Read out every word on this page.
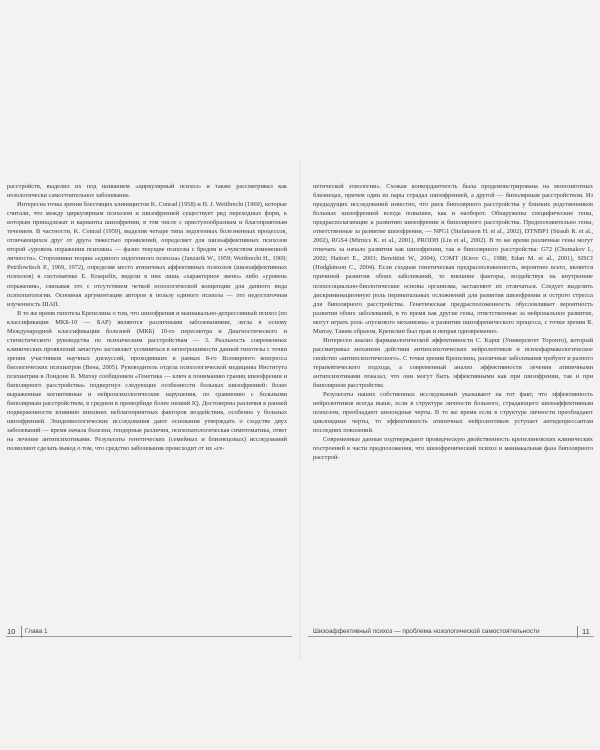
расстройств, выделил их под названием «циркулярный психоз» и также рассматривал как нозологически самостоятельное заболевание.

Интересна точка зрения блестящих клиницистов K. Conrad (1958) и H. J. Weitbrecht (1969), которые считали, что между циркулярным психозом и шизофренией существует ряд переходных форм, к которым принадлежат и варианты шизофрении, в том числе с приступообразным и благоприятным течением. В частности, K. Conrad (1959), выделив четыре типа эндогенных болезненных процессов, отличающихся друг от друга тяжестью проявлений, определяет для шизоаффективных психозов второй «уровень поражения психики» — фазно текущие психозы с бредом и «чувством измененной личности». Сторонники теории «единого эндогенного психоза» (Janzarik W., 1959; Weitbrecht H., 1969; Petrilowitsch P., 1969, 1972), определяя место атипичных аффективных психозов (шизоаффективных психозов) в систематике E. Kraepelin, видели в них лишь «характерное звено» либо «уровень поражения», связывая это с отсутствием четкой нозологической концепции для данного вида психопатологии. Основная аргументация авторов в пользу единого психоза — это недостаточная изученность ШАП.

В то же время гипотеза Крепелина о том, что шизофрения и маниакально-депрессивный психоз (по классификации МКБ-10 — БАР) являются различными заболеваниями, легла в основу Международной классификации болезней (МКБ) 10-го пересмотра и Диагностического и статистического руководства по психическим расстройствам — 3. Реальность современных клинических проявлений зачастую заставляет усомниться в непогрешимости данной гипотезы с точки зрения участников научных дискуссий, проходивших в рамках 8-го Всемирного конгресса биологических психиатров (Вена, 2005). Руководитель отдела психологической медицины Института психиатрии в Лондоне R. Murray сообщением «Генетика — ключ к пониманию границ шизофрении и биполярного расстройства» подвергнул следующие особенности больных шизофренией: более выраженные когнитивные и нейропсихологические нарушения, по сравнению с больными биполярным расстройством, в среднем в преморбиде более низкий IQ. Достоверны различия в ранней подверженности влиянию внешних неблагоприятных факторов воздействия, особенно у больных шизофренией. Эпидемиологические исследования дают основания утверждать о сходстве двух заболеваний — время начала болезни, гендерные различия, психопатологическая симптоматика, ответ на лечение антипсихотиками. Результаты генетических (семейных и близнецовых) исследований позволяют сделать вывод о том, что средство заболевания происходит от их «ге-

нетической этиологии». Схожая конкордантность была продемонстрирована на монозиготных близнецах, причем один из пары страдал шизофренией, а другой — биполярным расстройством. Из предыдущих исследований известно, что риск биполярного расстройства у близких родственников больных шизофренией всегда повышен, как и наоборот. Обнаружены специфические гены, предрасполагающие к развитию шизофрении и биполярного расстройства. Предположительно гены, ответственные за развитие шизофрении, — NPG1 (Stefansson H. et al., 2002), DTNBP1 (Straub R. et al., 2002), RGS4 (Mirnics K. et al., 2001), PRODH (Liu et al., 2002). В то же время различные гены могут отвечать за начало развития как шизофрении, так и биполярного расстройства: G72 (Chumakov I., 2002; Hattori E., 2003; Beretttini W., 2004), COMT (Kirov G., 1988; Edan M. et al., 2001), SISCI (Hodgkinson C., 2004). Если сходная генетическая предрасположенность, вероятнее всего, является причиной развития обоих заболеваний, то внешние факторы, воздействуя на внутренние психосоциально-биологические основы организма, заставляют их отличаться. Следует выделить дискриминационную роль перинатальных осложнений для развития шизофрении и острого стресса для биполярного расстройства. Генетическая предрасположенность обусловливает вероятность развития обоих заболеваний, в то время как другие гены, ответственные за нейрональное развитие, могут играть роль «пускового механизма» в развитии шизофренического процесса, с точки зрения R. Murray. Таким образом, Крепелин был прав и неправ одновременно.

Интересен анализ фармакологической эффективности С. Kapur (Университет Торонто), который рассматривал механизм действия антипсихотических нейролептиков и психофармакологическое свойство «антипсихотического». С точки зрения Крепелина, различные заболевания требуют и разного терапевтического подхода, а современный анализ эффективности лечения атипичными антипсихотиками показал, что они могут быть эффективными как при шизофрении, так и при биполярном расстройстве.

Результаты наших собственных исследований указывают на тот факт, что эффективность нейролептиков всегда выше, если в структуре личности больного, страдающего шизоаффективным психозом, преобладают шизоидные черты. В то же время если в структуре личности преобладают циклоидные черты, то эффективность атипичных нейролептиков уступает антидепрессантам последних поколений.

Современные данные подтверждают провидческую двойственность крепелиновских клинических построений в части предположения, что шизофренический психоз и маниакальная фаза биполярного расстрой-

10 Глава 1	Шизоаффективный психоз — проблема нозологической самостоятельности	11
